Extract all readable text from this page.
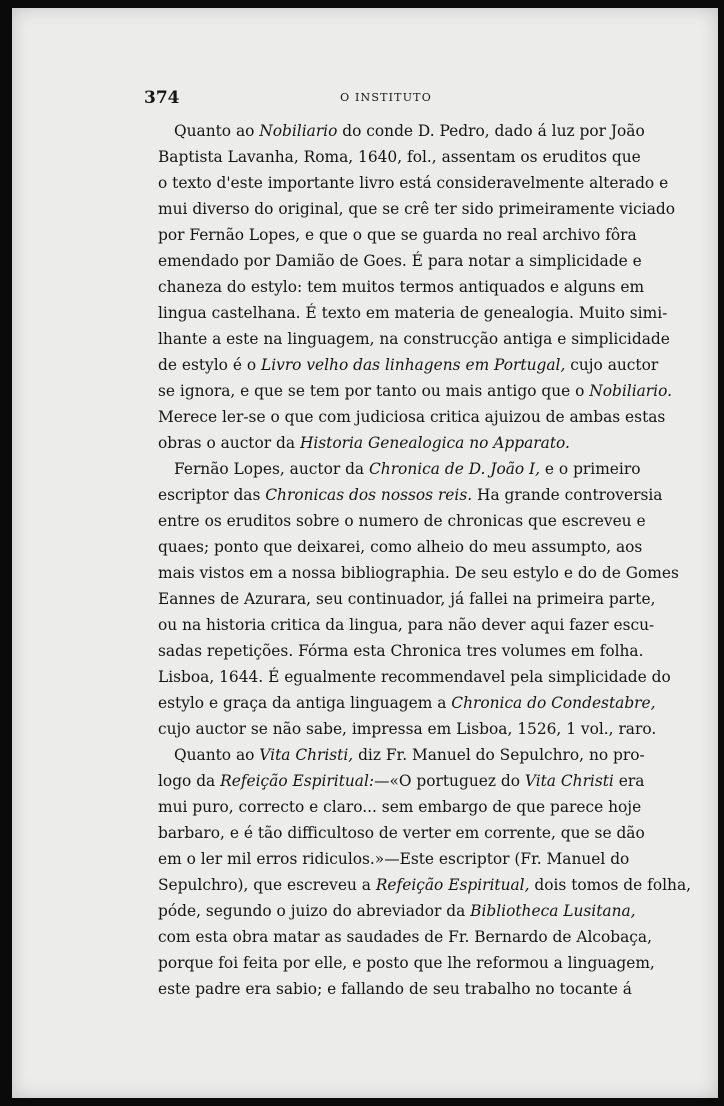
374	O INSTITUTO
Quanto ao Nobiliario do conde D. Pedro, dado á luz por João
Baptista Lavanha, Roma, 1640, fol., assentam os eruditos que
o texto d'este importante livro está consideravelmente alterado e
mui diverso do original, que se crê ter sido primeiramente viciado
por Fernão Lopes, e que o que se guarda no real archivo fôra
emendado por Damião de Goes. É para notar a simplicidade e
chaneza do estylo: tem muitos termos antiquados e alguns em
lingua castelhana. É texto em materia de genealogia. Muito simi-
lhante a este na linguagem, na construcção antiga e simplicidade
de estylo é o Livro velho das linhagens em Portugal, cujo auctor
se ignora, e que se tem por tanto ou mais antigo que o Nobiliario.
Merece ler-se o que com judiciosa critica ajuizou de ambas estas
obras o auctor da Historia Genealogica no Apparato.
Fernão Lopes, auctor da Chronica de D. João I, e o primeiro
escriptor das Chronicas dos nossos reis. Ha grande controversia
entre os eruditos sobre o numero de chronicas que escreveu e
quaes; ponto que deixarei, como alheio do meu assumpto, aos
mais vistos em a nossa bibliographia. De seu estylo e do de Gomes
Eannes de Azurara, seu continuador, já fallei na primeira parte,
ou na historia critica da lingua, para não dever aqui fazer escu-
sadas repetições. Fórma esta Chronica tres volumes em folha.
Lisboa, 1644. É egualmente recommendavel pela simplicidade do
estylo e graça da antiga linguagem a Chronica do Condestabre,
cujo auctor se não sabe, impressa em Lisboa, 1526, 1 vol., raro.
Quanto ao Vita Christi, diz Fr. Manuel do Sepulchro, no pro-
logo da Refeição Espiritual:—«O portuguez do Vita Christi era
mui puro, correcto e claro... sem embargo de que parece hoje
barbaro, e é tão difficultoso de verter em corrente, que se dão
em o ler mil erros ridiculos.»—Este escriptor (Fr. Manuel do
Sepulchro), que escreveu a Refeição Espiritual, dois tomos de folha,
póde, segundo o juizo do abreviador da Bibliotheca Lusitana,
com esta obra matar as saudades de Fr. Bernardo de Alcobaça,
porque foi feita por elle, e posto que lhe reformou a linguagem,
este padre era sabio; e fallando de seu trabalho no tocante á
